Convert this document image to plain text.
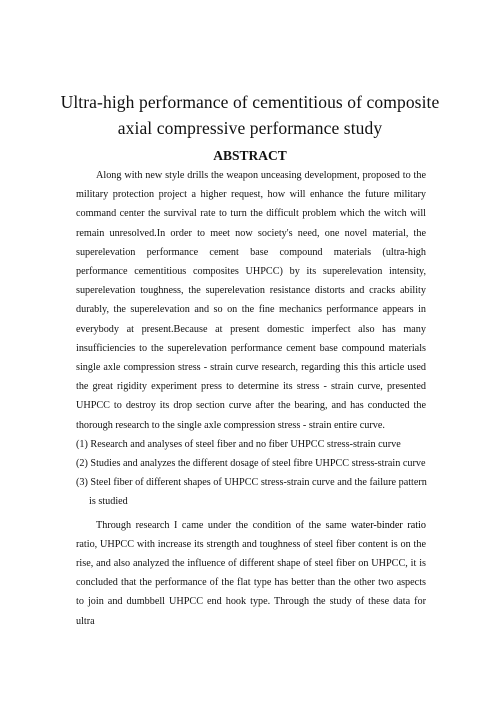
Ultra-high performance of cementitious of composite
axial compressive performance study
ABSTRACT

Along with new style drills the weapon unceasing development, proposed to the military protection project a higher request, how will enhance the future military command center the survival rate to turn the difficult problem which the witch will remain unresolved.In order to meet now society's need, one novel material, the superelevation performance cement base compound materials (ultra-high performance cementitious composites UHPCC) by its superelevation intensity, superelevation toughness, the superelevation resistance distorts and cracks ability durably, the superelevation and so on the fine mechanics performance appears in everybody at present.Because at present domestic imperfect also has many insufficiencies to the superelevation performance cement base compound materials single axle compression stress - strain curve research, regarding this this article used the great rigidity experiment press to determine its stress - strain curve, presented UHPCC to destroy its drop section curve after the bearing, and has conducted the thorough research to the single axle compression stress - strain entire curve.

(1) Research and analyses of steel fiber and no fiber UHPCC stress-strain curve

(2) Studies and analyzes the different dosage of steel fibre UHPCC stress-strain curve

(3) Steel fiber of different shapes of UHPCC stress-strain curve and the failure pattern

is studied

Through research I came under the condition of the same water-binder ratio ratio, UHPCC with increase its strength and toughness of steel fiber content is on the rise, and also analyzed the influence of different shape of steel fiber on UHPCC, it is concluded that the performance of the flat type has better than the other two aspects to join and dumbbell UHPCC end hook type. Through the study of these data for ultra
